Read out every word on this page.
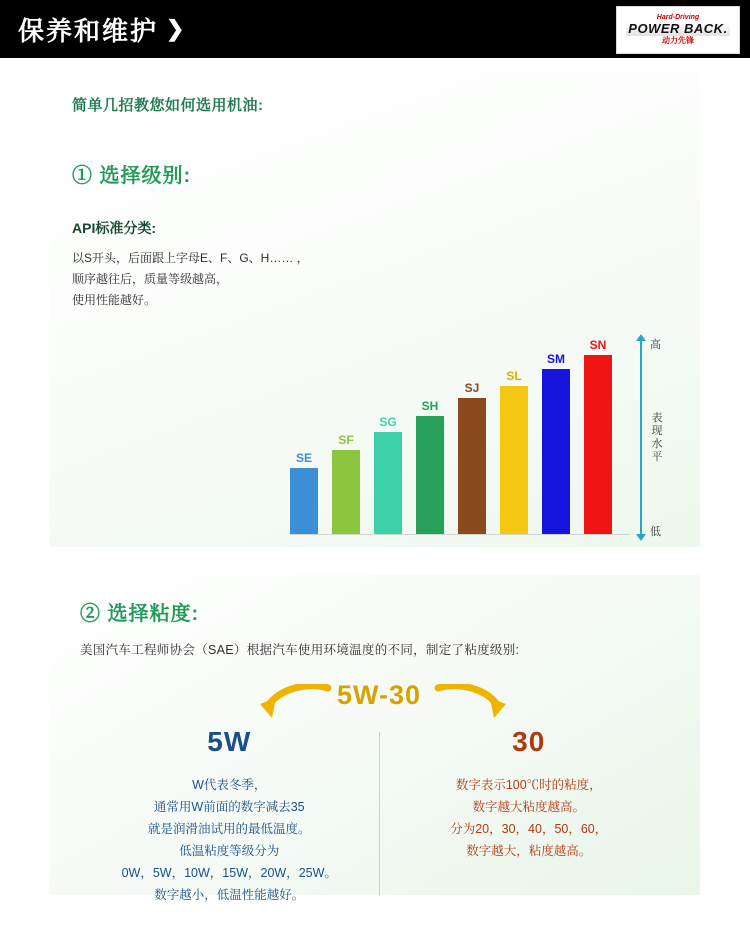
保养和维护 ❯	Hard-Driving
POWER BACK.
动力先锋
简单几招教您如何选用机油:
① 选择级别:
API标准分类:
以S开头，后面跟上字母E、F、G、H…… ，
顺序越往后，质量等级越高，
使用性能越好。
SE
SF
SG
SH
SJ
SL
SM
SN	高
低
表现水平
② 选择粘度:
美国汽车工程师协会（SAE）根据汽车使用环境温度的不同，制定了粘度级别:
5W-30
5W
W代表冬季，
通常用W前面的数字减去35
就是润滑油试用的最低温度。
低温粘度等级分为
0W，5W，10W，15W，20W，25W。
数字越小，低温性能越好。
30
数字表示100℃时的粘度，
数字越大粘度越高。
分为20，30，40，50，60，
数字越大，粘度越高。
